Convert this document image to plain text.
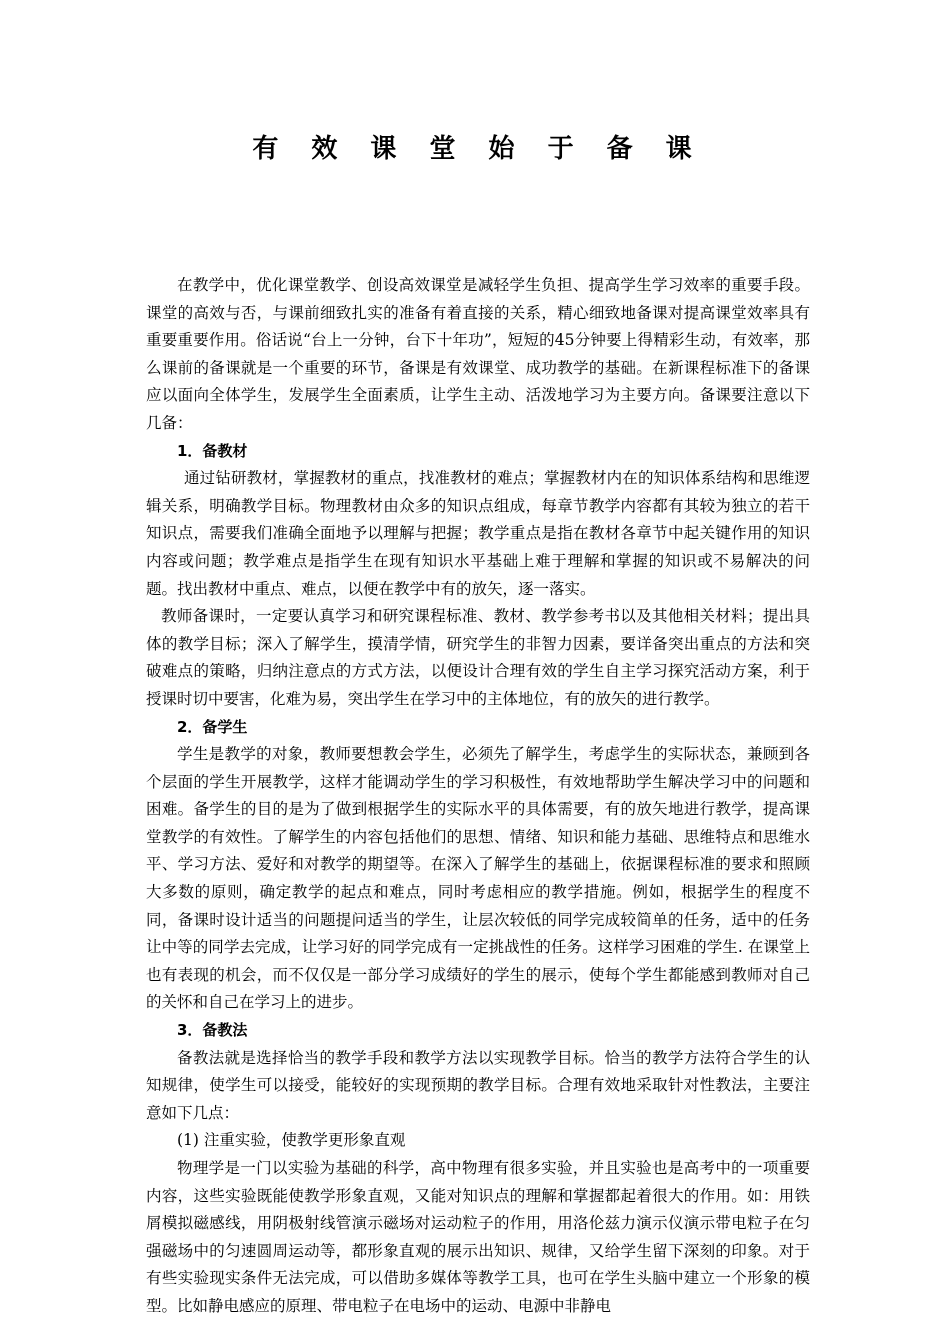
有 效 课 堂 始 于 备 课

在教学中，优化课堂教学、创设高效课堂是减轻学生负担、提高学生学习效率的重要手段。课堂的高效与否，与课前细致扎实的准备有着直接的关系，精心细致地备课对提高课堂效率具有重要重要作用。俗话说“台上一分钟，台下十年功”，短短的45分钟要上得精彩生动，有效率，那么课前的备课就是一个重要的环节，备课是有效课堂、成功教学的基础。在新课程标准下的备课应以面向全体学生，发展学生全面素质，让学生主动、活泼地学习为主要方向。备课要注意以下几备：

1．备教材

通过钻研教材，掌握教材的重点，找准教材的难点；掌握教材内在的知识体系结构和思维逻辑关系，明确教学目标。物理教材由众多的知识点组成，每章节教学内容都有其较为独立的若干知识点，需要我们准确全面地予以理解与把握；教学重点是指在教材各章节中起关键作用的知识内容或问题；教学难点是指学生在现有知识水平基础上难于理解和掌握的知识或不易解决的问题。找出教材中重点、难点，以便在教学中有的放矢，逐一落实。

教师备课时，一定要认真学习和研究课程标准、教材、教学参考书以及其他相关材料；提出具体的教学目标；深入了解学生，摸清学情，研究学生的非智力因素，要详备突出重点的方法和突破难点的策略，归纳注意点的方式方法，以便设计合理有效的学生自主学习探究活动方案，利于授课时切中要害，化难为易，突出学生在学习中的主体地位，有的放矢的进行教学。

2．备学生

学生是教学的对象，教师要想教会学生，必须先了解学生，考虑学生的实际状态，兼顾到各个层面的学生开展教学，这样才能调动学生的学习积极性，有效地帮助学生解决学习中的问题和困难。备学生的目的是为了做到根据学生的实际水平的具体需要，有的放矢地进行教学，提高课堂教学的有效性。了解学生的内容包括他们的思想、情绪、知识和能力基础、思维特点和思维水平、学习方法、爱好和对教学的期望等。在深入了解学生的基础上，依据课程标准的要求和照顾大多数的原则，确定教学的起点和难点，同时考虑相应的教学措施。例如，根据学生的程度不同，备课时设计适当的问题提问适当的学生，让层次较低的同学完成较简单的任务，适中的任务让中等的同学去完成，让学习好的同学完成有一定挑战性的任务。这样学习困难的学生. 在课堂上也有表现的机会，而不仅仅是一部分学习成绩好的学生的展示，使每个学生都能感到教师对自己的关怀和自己在学习上的进步。

3．备教法

备教法就是选择恰当的教学手段和教学方法以实现教学目标。恰当的教学方法符合学生的认知规律，使学生可以接受，能较好的实现预期的教学目标。合理有效地采取针对性教法，主要注意如下几点：

(1) 注重实验，使教学更形象直观

物理学是一门以实验为基础的科学，高中物理有很多实验，并且实验也是高考中的一项重要内容，这些实验既能使教学形象直观，又能对知识点的理解和掌握都起着很大的作用。如：用铁屑模拟磁感线，用阴极射线管演示磁场对运动粒子的作用，用洛伦兹力演示仪演示带电粒子在匀强磁场中的匀速圆周运动等，都形象直观的展示出知识、规律，又给学生留下深刻的印象。对于有些实验现实条件无法完成，可以借助多媒体等教学工具，也可在学生头脑中建立一个形象的模型。比如静电感应的原理、带电粒子在电场中的运动、电源中非静电
